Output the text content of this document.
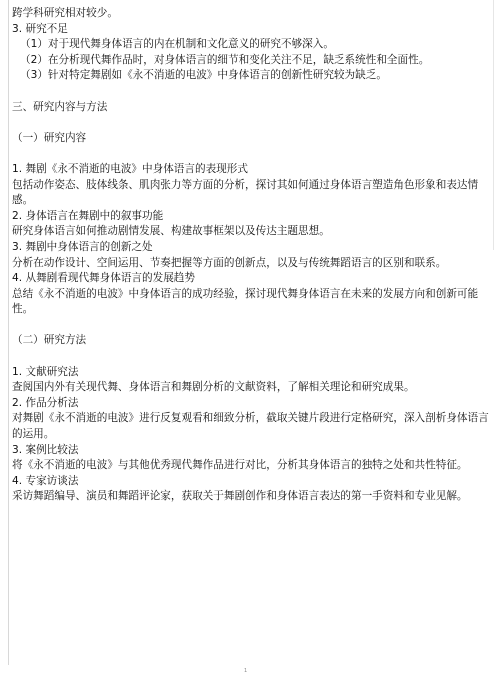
跨学科研究相对较少。
3. 研究不足
（1）对于现代舞身体语言的内在机制和文化意义的研究不够深入。
（2）在分析现代舞作品时，对身体语言的细节和变化关注不足，缺乏系统性和全面性。
（3）针对特定舞剧如《永不消逝的电波》中身体语言的创新性研究较为缺乏。
三、研究内容与方法
（一）研究内容
1. 舞剧《永不消逝的电波》中身体语言的表现形式
包括动作姿态、肢体线条、肌肉张力等方面的分析，探讨其如何通过身体语言塑造角色形象和表达情感。
2. 身体语言在舞剧中的叙事功能
研究身体语言如何推动剧情发展、构建故事框架以及传达主题思想。
3. 舞剧中身体语言的创新之处
分析在动作设计、空间运用、节奏把握等方面的创新点，以及与传统舞蹈语言的区别和联系。
4. 从舞剧看现代舞身体语言的发展趋势
总结《永不消逝的电波》中身体语言的成功经验，探讨现代舞身体语言在未来的发展方向和创新可能性。
（二）研究方法
1. 文献研究法
查阅国内外有关现代舞、身体语言和舞剧分析的文献资料，了解相关理论和研究成果。
2. 作品分析法
对舞剧《永不消逝的电波》进行反复观看和细致分析，截取关键片段进行定格研究，深入剖析身体语言的运用。
3. 案例比较法
将《永不消逝的电波》与其他优秀现代舞作品进行对比，分析其身体语言的独特之处和共性特征。
4. 专家访谈法
采访舞蹈编导、演员和舞蹈评论家，获取关于舞剧创作和身体语言表达的第一手资料和专业见解。
1
